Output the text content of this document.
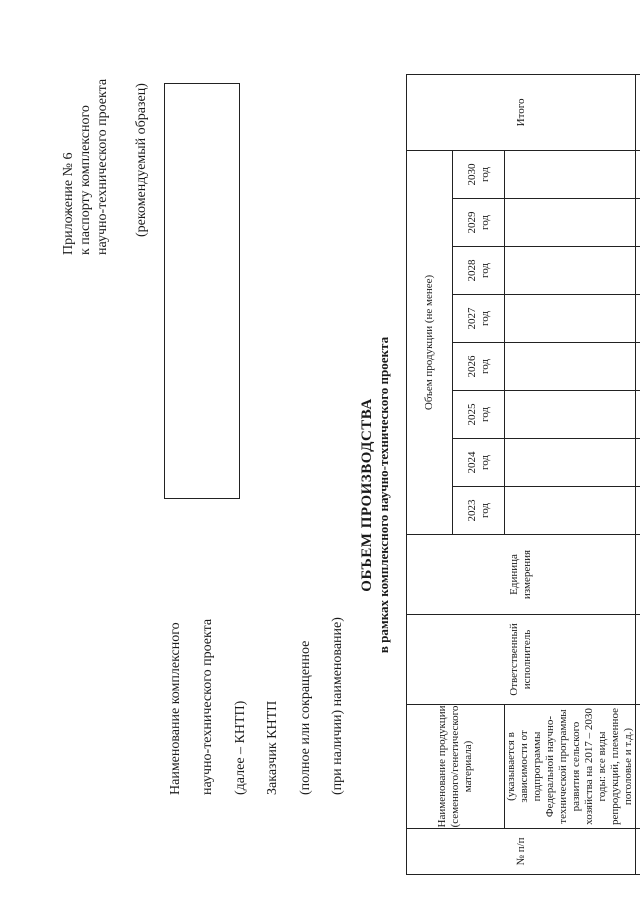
Приложение № 6 к паспорту комплексного научно-технического проекта (рекомендуемый образец)
Наименование комплексного	научно-технического проекта	(далее – КНТП)	Заказчик КНТП	(полное или сокращенное	(при наличии) наименование)
ОБЪЕМ ПРОИЗВОДСТВА в рамках комплексного научно-технического проекта
№ п/п	Наименование продукции (семенного/генетического материала)	Ответственный исполнитель	Единица измерения	Объем продукции (не менее)								Итого

				2023 год	2024 год	2025 год	2026 год	2027 год	2028 год	2029 год	2030 год	

	(указывается в зависимости от подпрограммы Федеральной научно-технической программы развития сельского хозяйства на 2017 – 2030 годы: все виды репродукций, племенное поголовье и т.д.)											
